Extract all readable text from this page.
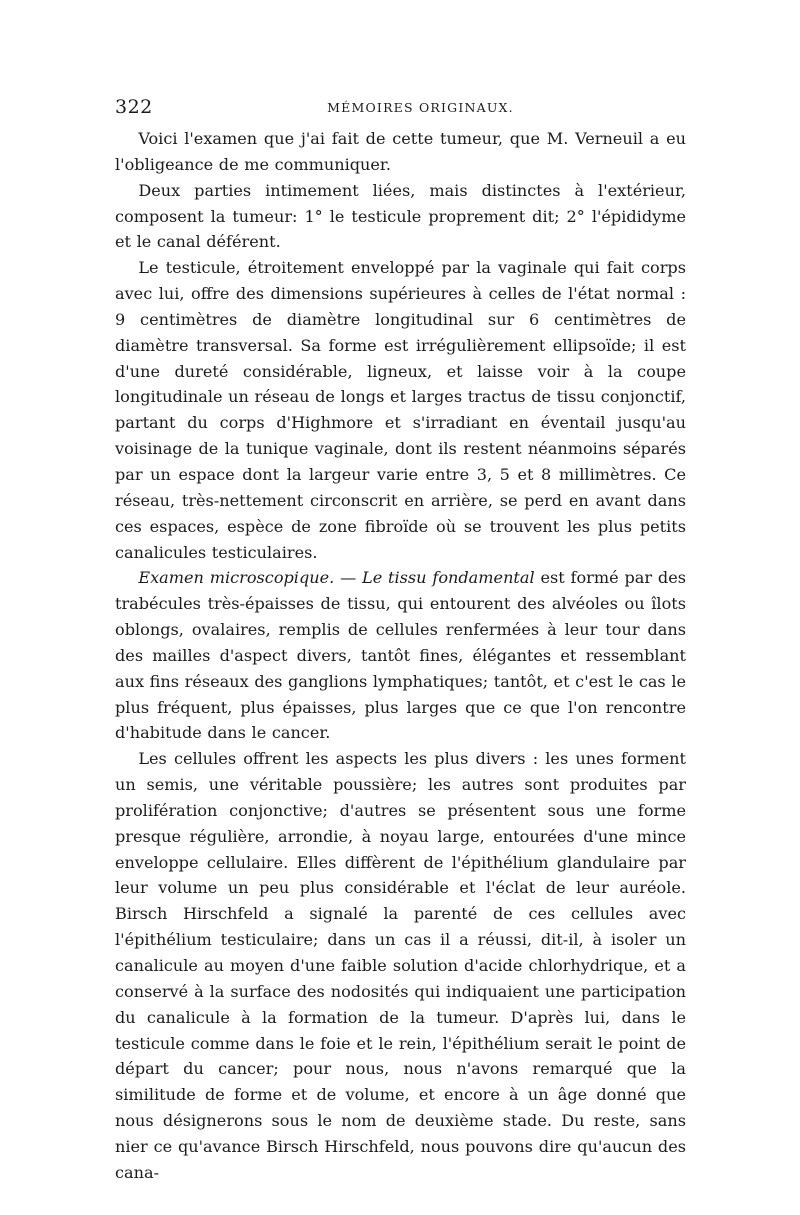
322	MÉMOIRES ORIGINAUX.

Voici l'examen que j'ai fait de cette tumeur, que M. Verneuil a eu l'obligeance de me communiquer.

Deux parties intimement liées, mais distinctes à l'extérieur, composent la tumeur: 1° le testicule proprement dit; 2° l'épididyme et le canal déférent.

Le testicule, étroitement enveloppé par la vaginale qui fait corps avec lui, offre des dimensions supérieures à celles de l'état normal : 9 centimètres de diamètre longitudinal sur 6 centimètres de diamètre transversal. Sa forme est irrégulièrement ellipsoïde; il est d'une dureté considérable, ligneux, et laisse voir à la coupe longitudinale un réseau de longs et larges tractus de tissu conjonctif, partant du corps d'Highmore et s'irradiant en éventail jusqu'au voisinage de la tunique vaginale, dont ils restent néanmoins séparés par un espace dont la largeur varie entre 3, 5 et 8 millimètres. Ce réseau, très-nettement circonscrit en arrière, se perd en avant dans ces espaces, espèce de zone fibroïde où se trouvent les plus petits canalicules testiculaires.

Examen microscopique. — Le tissu fondamental est formé par des trabécules très-épaisses de tissu, qui entourent des alvéoles ou îlots oblongs, ovalaires, remplis de cellules renfermées à leur tour dans des mailles d'aspect divers, tantôt fines, élégantes et ressemblant aux fins réseaux des ganglions lymphatiques; tantôt, et c'est le cas le plus fréquent, plus épaisses, plus larges que ce que l'on rencontre d'habitude dans le cancer.

Les cellules offrent les aspects les plus divers : les unes forment un semis, une véritable poussière; les autres sont produites par prolifération conjonctive; d'autres se présentent sous une forme presque régulière, arrondie, à noyau large, entourées d'une mince enveloppe cellulaire. Elles diffèrent de l'épithélium glandulaire par leur volume un peu plus considérable et l'éclat de leur auréole. Birsch Hirschfeld a signalé la parenté de ces cellules avec l'épithélium testiculaire; dans un cas il a réussi, dit-il, à isoler un canalicule au moyen d'une faible solution d'acide chlorhydrique, et a conservé à la surface des nodosités qui indiquaient une participation du canalicule à la formation de la tumeur. D'après lui, dans le testicule comme dans le foie et le rein, l'épithélium serait le point de départ du cancer; pour nous, nous n'avons remarqué que la similitude de forme et de volume, et encore à un âge donné que nous désignerons sous le nom de deuxième stade. Du reste, sans nier ce qu'avance Birsch Hirschfeld, nous pouvons dire qu'aucun des cana-
